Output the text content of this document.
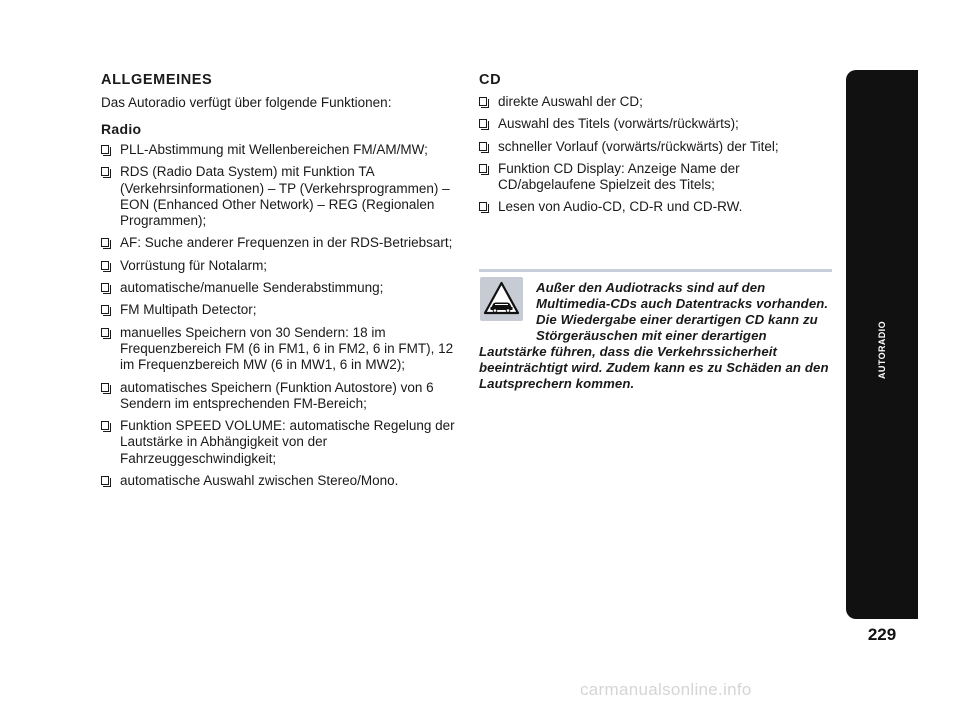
ALLGEMEINES
Das Autoradio verfügt über folgende Funktionen:
Radio
PLL-Abstimmung mit Wellenbereichen FM/AM/MW;
RDS (Radio Data System) mit Funktion TA (Verkehrsinformationen) – TP (Verkehrsprogrammen) – EON (Enhanced Other Network) – REG (Regionalen Programmen);
AF: Suche anderer Frequenzen in der RDS-Betriebsart;
Vorrüstung für Notalarm;
automatische/manuelle Senderabstimmung;
FM Multipath Detector;
manuelles Speichern von 30 Sendern: 18 im Frequenzbereich FM (6 in FM1, 6 in FM2, 6 in FMT), 12 im Frequenzbereich MW (6 in MW1, 6 in MW2);
automatisches Speichern (Funktion Autostore) von 6 Sendern im entsprechenden FM-Bereich;
Funktion SPEED VOLUME: automatische Regelung der Lautstärke in Abhängigkeit von der Fahrzeuggeschwindigkeit;
automatische Auswahl zwischen Stereo/Mono.
CD
direkte Auswahl der CD;
Auswahl des Titels (vorwärts/rückwärts);
schneller Vorlauf (vorwärts/rückwärts) der Titel;
Funktion CD Display: Anzeige Name der CD/abgelaufene Spielzeit des Titels;
Lesen von Audio-CD, CD-R und CD-RW.
Außer den Audiotracks sind auf den Multimedia-CDs auch Datentracks vorhanden. Die Wiedergabe einer derartigen CD kann zu Störgeräuschen mit einer derartigen Lautstärke führen, dass die Verkehrssicherheit beeinträchtigt wird. Zudem kann es zu Schäden an den Lautsprechern kommen.
AUTORADIO
229
carmanualsonline.info
